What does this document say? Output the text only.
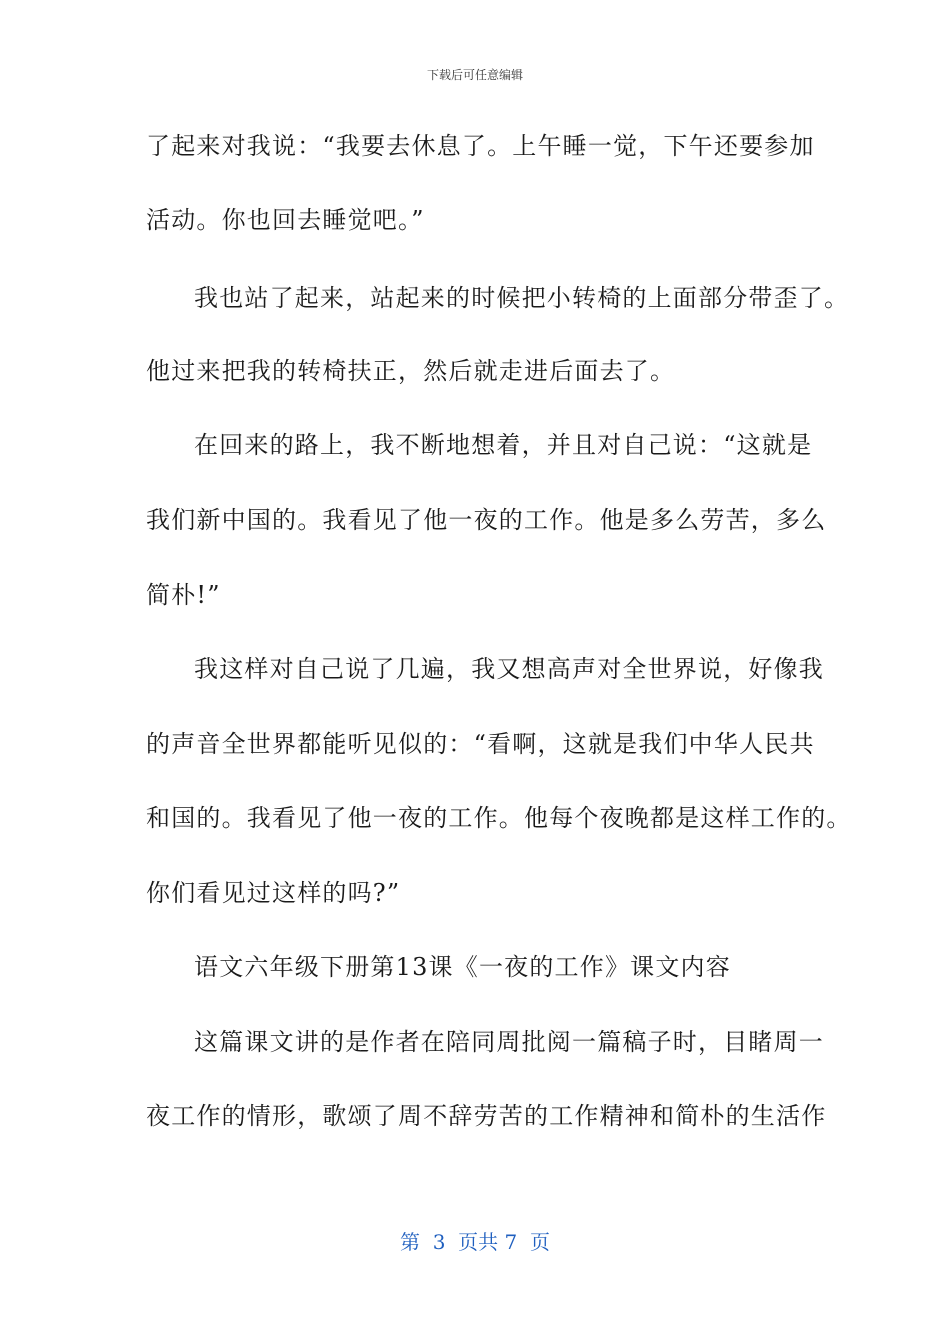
下载后可任意编辑
了起来对我说：“我要去休息了。上午睡一觉，下午还要参加
活动。你也回去睡觉吧。”
我也站了起来，站起来的时候把小转椅的上面部分带歪了。
他过来把我的转椅扶正，然后就走进后面去了。
在回来的路上，我不断地想着，并且对自己说：“这就是
我们新中国的。我看见了他一夜的工作。他是多么劳苦，多么
简朴!”
我这样对自己说了几遍，我又想高声对全世界说，好像我
的声音全世界都能听见似的：“看啊，这就是我们中华人民共
和国的。我看见了他一夜的工作。他每个夜晚都是这样工作的。
你们看见过这样的吗?”
语文六年级下册第13课《一夜的工作》课文内容
这篇课文讲的是作者在陪同周批阅一篇稿子时，目睹周一
夜工作的情形，歌颂了周不辞劳苦的工作精神和简朴的生活作
第  3  页共 7  页
